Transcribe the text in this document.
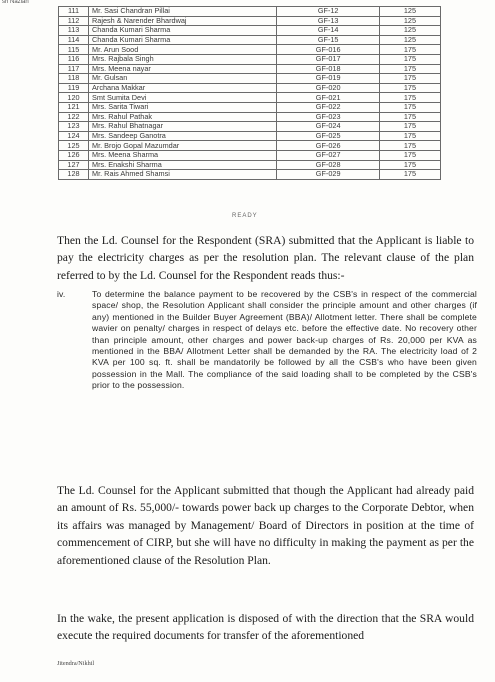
sh Nazian
111	Mr. Sasi Chandran Pillai	GF-12	125
112	Rajesh & Narender Bhardwaj	GF-13	125
113	Chanda Kumari Sharma	GF-14	125
114	Chanda Kumari Sharma	GF-15	125
115	Mr. Arun Sood	GF-016	175
116	Mrs. Rajbala Singh	GF-017	175
117	Mrs. Meena nayar	GF-018	175
118	Mr. Gulsan	GF-019	175
119	Archana Makkar	GF-020	175
120	Smt Sumita Devi	GF-021	175
121	Mrs. Sarita Tiwari	GF-022	175
122	Mrs. Rahul Pathak	GF-023	175
123	Mrs. Rahul Bhatnagar	GF-024	175
124	Mrs. Sandeep Ganotra	GF-025	175
125	Mr. Brojo Gopal Mazumdar	GF-026	175
126	Mrs. Meena Sharma	GF-027	175
127	Mrs. Enakshi Sharma	GF-028	175
128	Mr. Rais Ahmed Shamsi	GF-029	175
READY

Then the Ld. Counsel for the Respondent (SRA) submitted that the Applicant is liable to pay the electricity charges as per the resolution plan. The relevant clause of the plan referred to by the Ld. Counsel for the Respondent reads thus:-

iv.	To determine the balance payment to be recovered by the CSB's in respect of the commercial space/ shop, the Resolution Applicant shall consider the principle amount and other charges (if any) mentioned in the Builder Buyer Agreement (BBA)/ Allotment letter. There shall be complete wavier on penalty/ charges in respect of delays etc. before the effective date. No recovery other than principle amount, other charges and power back-up charges of Rs. 20,000 per KVA as mentioned in the BBA/ Allotment Letter shall be demanded by the RA. The electricity load of 2 KVA per 100 sq. ft. shall be mandatorily be followed by all the CSB's who have been given possession in the Mall. The compliance of the said loading shall to be completed by the CSB's prior to the possession.

The Ld. Counsel for the Applicant submitted that though the Applicant had already paid an amount of Rs. 55,000/- towards power back up charges to the Corporate Debtor, when its affairs was managed by Management/ Board of Directors in position at the time of commencement of CIRP, but she will have no difficulty in making the payment as per the aforementioned clause of the Resolution Plan.

In the wake, the present application is disposed of with the direction that the SRA would execute the required documents for transfer of the aforementioned

Jitendra/Nikhil
